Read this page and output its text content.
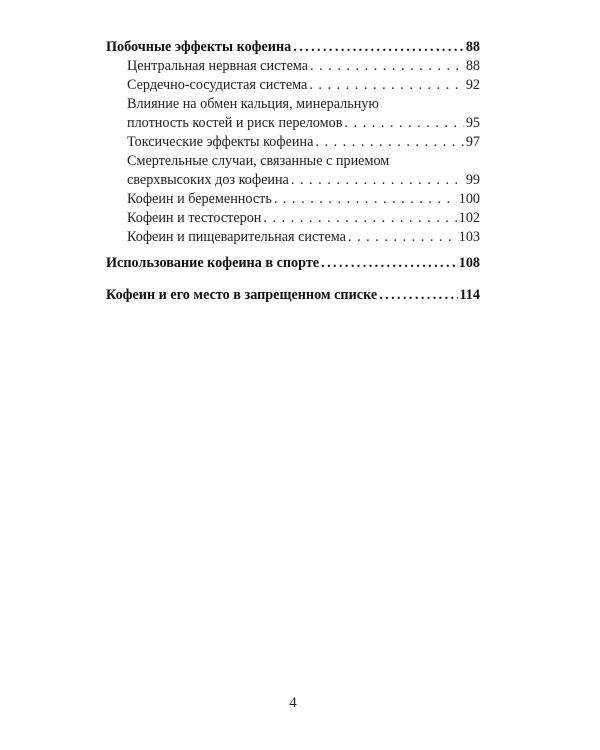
Побочные эффекты кофеина .....	88
Центральная нервная система . . .	88
Сердечно-сосудистая система . . .	92
Влияние на обмен кальция, минеральную
плотность костей и риск переломов . . .	95
Токсические эффекты кофеина . . .	97
Смертельные случаи, связанные с приемом
сверхвысоких доз кофеина . . .	99
Кофеин и беременность . . .	100
Кофеин и тестостерон . . .	102
Кофеин и пищеварительная система . . .	103
Использование кофеина в спорте .....	108
Кофеин и его место в запрещенном списке .....	114
4
